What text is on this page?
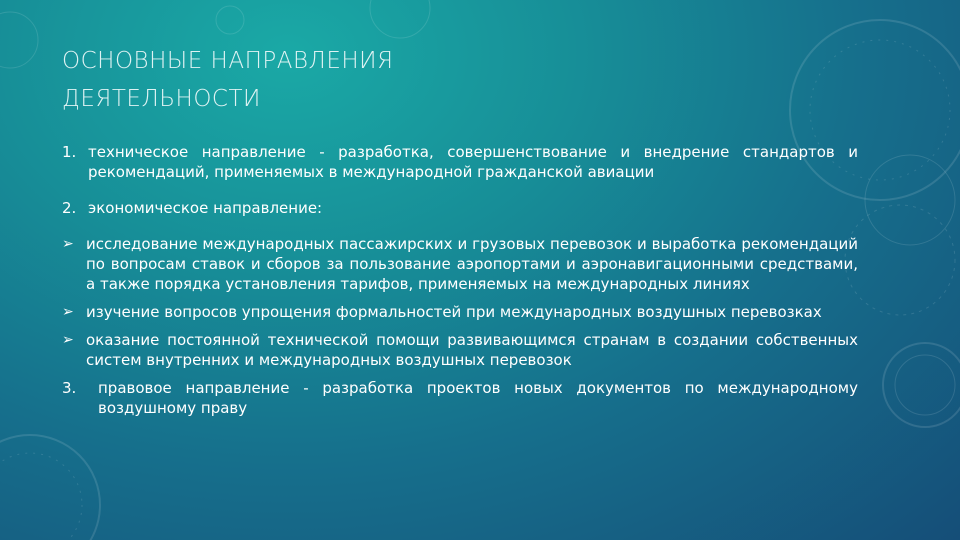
ОСНОВНЫЕ НАПРАВЛЕНИЯ
ДЕЯТЕЛЬНОСТИ

1. техническое направление - разработка, совершенствование и внедрение стандартов и рекомендаций, применяемых в международной гражданской авиации

2. экономическое направление:

➢ исследование международных пассажирских и грузовых перевозок и выработка рекомендаций по вопросам ставок и сборов за пользование аэропортами и аэронавигационными средствами, а также порядка установления тарифов, применяемых на международных линиях

➢ изучение вопросов упрощения формальностей при международных воздушных перевозках

➢ оказание постоянной технической помощи развивающимся странам в создании собственных систем внутренних и международных воздушных перевозок

3. правовое направление - разработка проектов новых документов по международному воздушному праву
